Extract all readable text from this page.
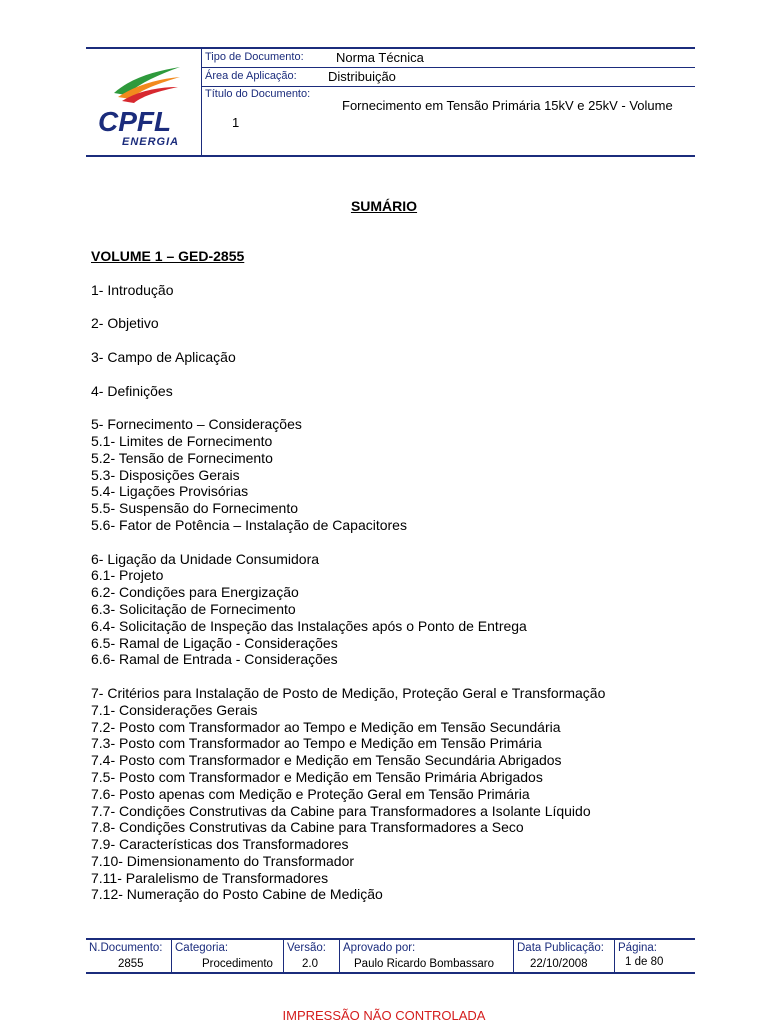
CPFL
ENERGIA
Tipo de Documento: Norma Técnica
Área de Aplicação: Distribuição
Título do Documento:
Fornecimento em Tensão Primária 15kV e 25kV - Volume
1
SUMÁRIO
VOLUME 1 – GED-2855
1- Introdução
2- Objetivo
3- Campo de Aplicação
4- Definições
5- Fornecimento – Considerações
5.1- Limites de Fornecimento
5.2- Tensão de Fornecimento
5.3- Disposições Gerais
5.4- Ligações Provisórias
5.5- Suspensão do Fornecimento
5.6- Fator de Potência – Instalação de Capacitores
6- Ligação da Unidade Consumidora
6.1- Projeto
6.2- Condições para Energização
6.3- Solicitação de Fornecimento
6.4- Solicitação de Inspeção das Instalações após o Ponto de Entrega
6.5- Ramal de Ligação - Considerações
6.6- Ramal de Entrada - Considerações
7- Critérios para Instalação de Posto de Medição, Proteção Geral e Transformação
7.1- Considerações Gerais
7.2- Posto com Transformador ao Tempo e Medição em Tensão Secundária
7.3- Posto com Transformador ao Tempo e Medição em Tensão Primária
7.4- Posto com Transformador e Medição em Tensão Secundária Abrigados
7.5- Posto com Transformador e Medição em Tensão Primária Abrigados
7.6- Posto apenas com Medição e Proteção Geral em Tensão Primária
7.7- Condições Construtivas da Cabine para Transformadores a Isolante Líquido
7.8- Condições Construtivas da Cabine para Transformadores a Seco
7.9- Características dos Transformadores
7.10- Dimensionamento do Transformador
7.11- Paralelismo de Transformadores
7.12- Numeração do Posto Cabine de Medição
N.Documento:
2855
Categoria:
Procedimento
Versão:
2.0
Aprovado por:
Paulo Ricardo Bombassaro
Data Publicação:
22/10/2008
Página:
1 de 80
IMPRESSÃO NÃO CONTROLADA
